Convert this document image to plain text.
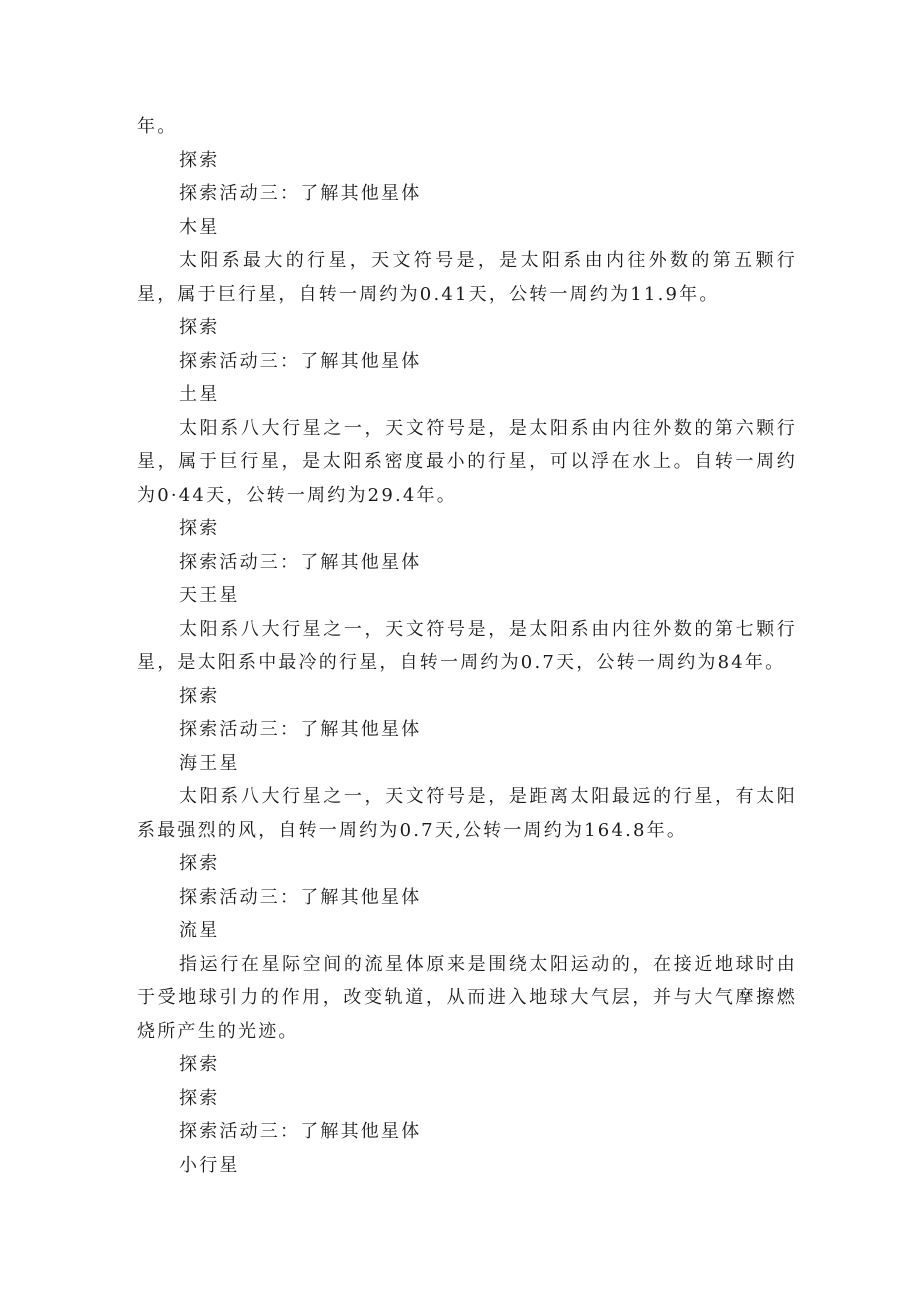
年。

探索

探索活动三：了解其他星体

木星

太阳系最大的行星，天文符号是，是太阳系由内往外数的第五颗行星，属于巨行星，自转一周约为0.41天，公转一周约为11.9年。

探索

探索活动三：了解其他星体

土星

太阳系八大行星之一，天文符号是，是太阳系由内往外数的第六颗行星，属于巨行星，是太阳系密度最小的行星，可以浮在水上。自转一周约为0·44天，公转一周约为29.4年。

探索

探索活动三：了解其他星体

天王星

太阳系八大行星之一，天文符号是，是太阳系由内往外数的第七颗行星，是太阳系中最冷的行星，自转一周约为0.7天，公转一周约为84年。

探索

探索活动三：了解其他星体

海王星

太阳系八大行星之一，天文符号是，是距离太阳最远的行星，有太阳系最强烈的风，自转一周约为0.7天,公转一周约为164.8年。

探索

探索活动三：了解其他星体

流星

指运行在星际空间的流星体原来是围绕太阳运动的，在接近地球时由于受地球引力的作用，改变轨道，从而进入地球大气层，并与大气摩擦燃烧所产生的光迹。

探索

探索

探索活动三：了解其他星体

小行星
